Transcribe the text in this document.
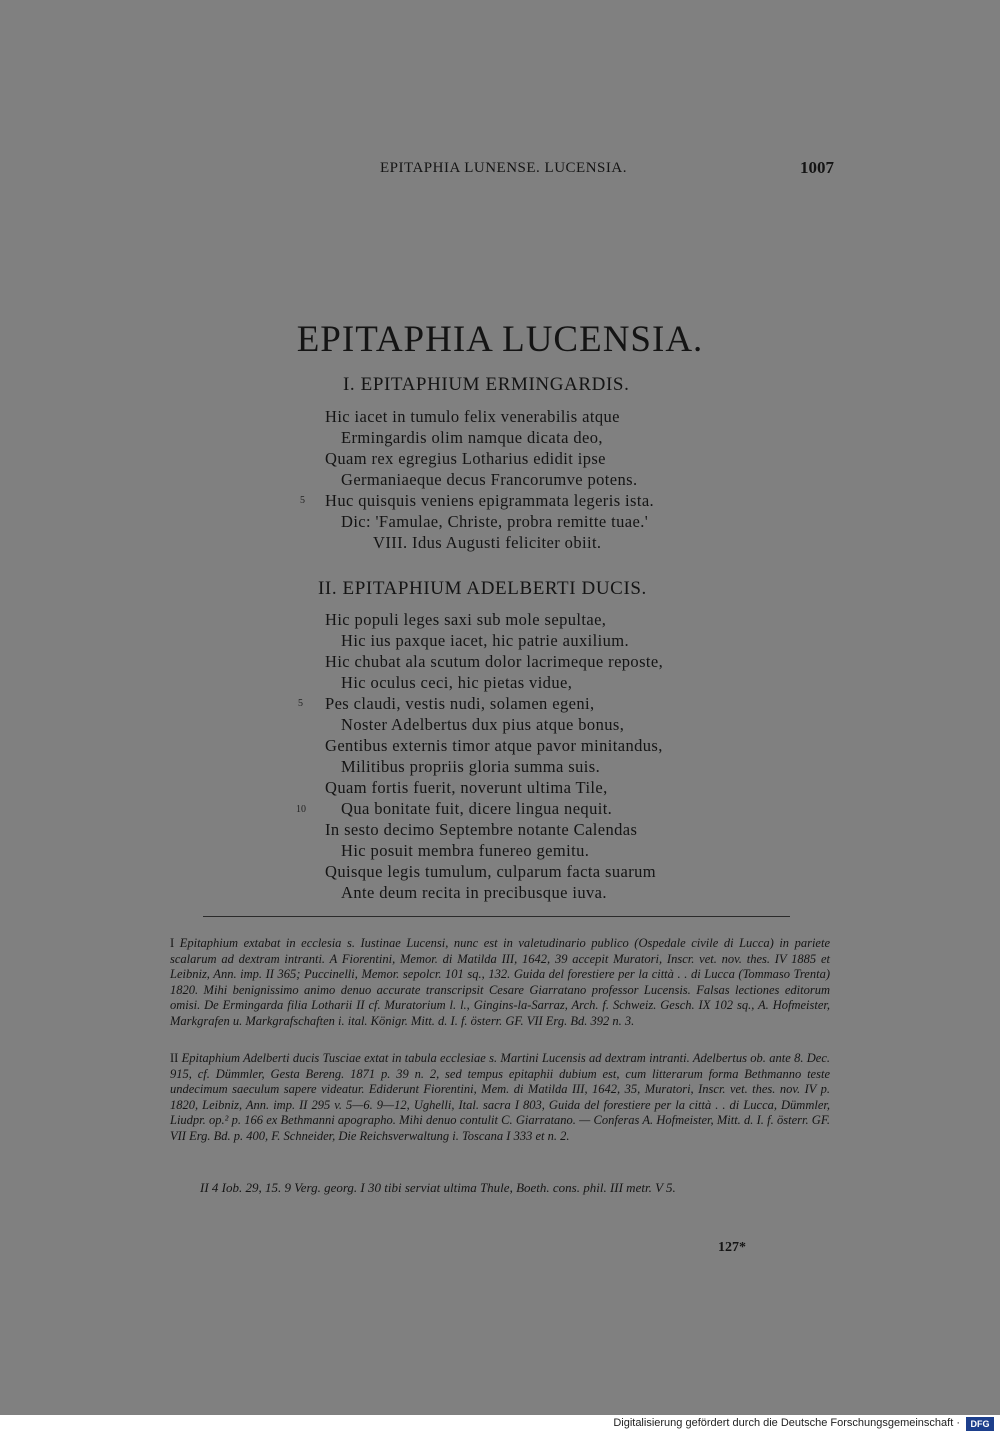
EPITAPHIA LUNENSE. LUCENSIA.	1007
EPITAPHIA LUCENSIA.
I. EPITAPHIUM ERMINGARDIS.
Hic iacet in tumulo felix venerabilis atque
Ermingardis olim namque dicata deo,
Quam rex egregius Lotharius edidit ipse
Germaniaeque decus Francorumve potens.
5 Huc quisquis veniens epigrammata legeris ista.
Dic: 'Famulae, Christe, probra remitte tuae.'
VIII. Idus Augusti feliciter obiit.
II. EPITAPHIUM ADELBERTI DUCIS.
Hic populi leges saxi sub mole sepultae,
Hic ius paxque iacet, hic patrie auxilium.
Hic chubat ala scutum dolor lacrimeque reposte,
Hic oculus ceci, hic pietas vidue,
5 Pes claudi, vestis nudi, solamen egeni,
Noster Adelbertus dux pius atque bonus,
Gentibus externis timor atque pavor minitandus,
Militibus propriis gloria summa suis.
Quam fortis fuerit, noverunt ultima Tile,
10 Qua bonitate fuit, dicere lingua nequit.
In sesto decimo Septembre notante Calendas
Hic posuit membra funereo gemitu.
Quisque legis tumulum, culparum facta suarum
Ante deum recita in precibusque iuva.
I Epitaphium extabat in ecclesia s. Iustinae Lucensi, nunc est in valetudinario publico (Ospedale civile di Lucca) in pariete scalarum ad dextram intranti. A Fiorentini, Memor. di Matilda III, 1642, 39 accepit Muratori, Inscr. vet. nov. thes. IV 1885 et Leibniz, Ann. imp. II 365; Puccinelli, Memor. sepolcr. 101 sq., 132. Guida del forestiere per la città . . di Lucca (Tommaso Trenta) 1820. Mihi benignissimo animo denuo accurate transcripsit Cesare Giarratano professor Lucensis. Falsas lectiones editorum omisi. De Ermingarda filia Lotharii II cf. Muratorium l. l., Gingins-la-Sarraz, Arch. f. Schweiz. Gesch. IX 102 sq., A. Hofmeister, Markgrafen u. Markgrafschaften i. ital. Königr. Mitt. d. I. f. österr. GF. VII Erg. Bd. 392 n. 3.
II Epitaphium Adelberti ducis Tusciae extat in tabula ecclesiae s. Martini Lucensis ad dextram intranti. Adelbertus ob. ante 8. Dec. 915, cf. Dümmler, Gesta Bereng. 1871 p. 39 n. 2, sed tempus epitaphii dubium est, cum litterarum forma Bethmanno teste undecimum saeculum sapere videatur. Ediderunt Fiorentini, Mem. di Matilda III, 1642, 35, Muratori, Inscr. vet. thes. nov. IV p. 1820, Leibniz, Ann. imp. II 295 v. 5—6. 9—12, Ughelli, Ital. sacra I 803, Guida del forestiere per la città . . di Lucca, Dümmler, Liudpr. op.² p. 166 ex Bethmanni apographo. Mihi denuo contulit C. Giarratano. — Conferas A. Hofmeister, Mitt. d. I. f. österr. GF. VII Erg. Bd. p. 400, F. Schneider, Die Reichsverwaltung i. Toscana I 333 et n. 2.
II 4 Iob. 29, 15. 9 Verg. georg. I 30 tibi serviat ultima Thule, Boeth. cons. phil. III metr. V 5.
127*
Digitalisierung gefördert durch die Deutsche Forschungsgemeinschaft ·	DFG
